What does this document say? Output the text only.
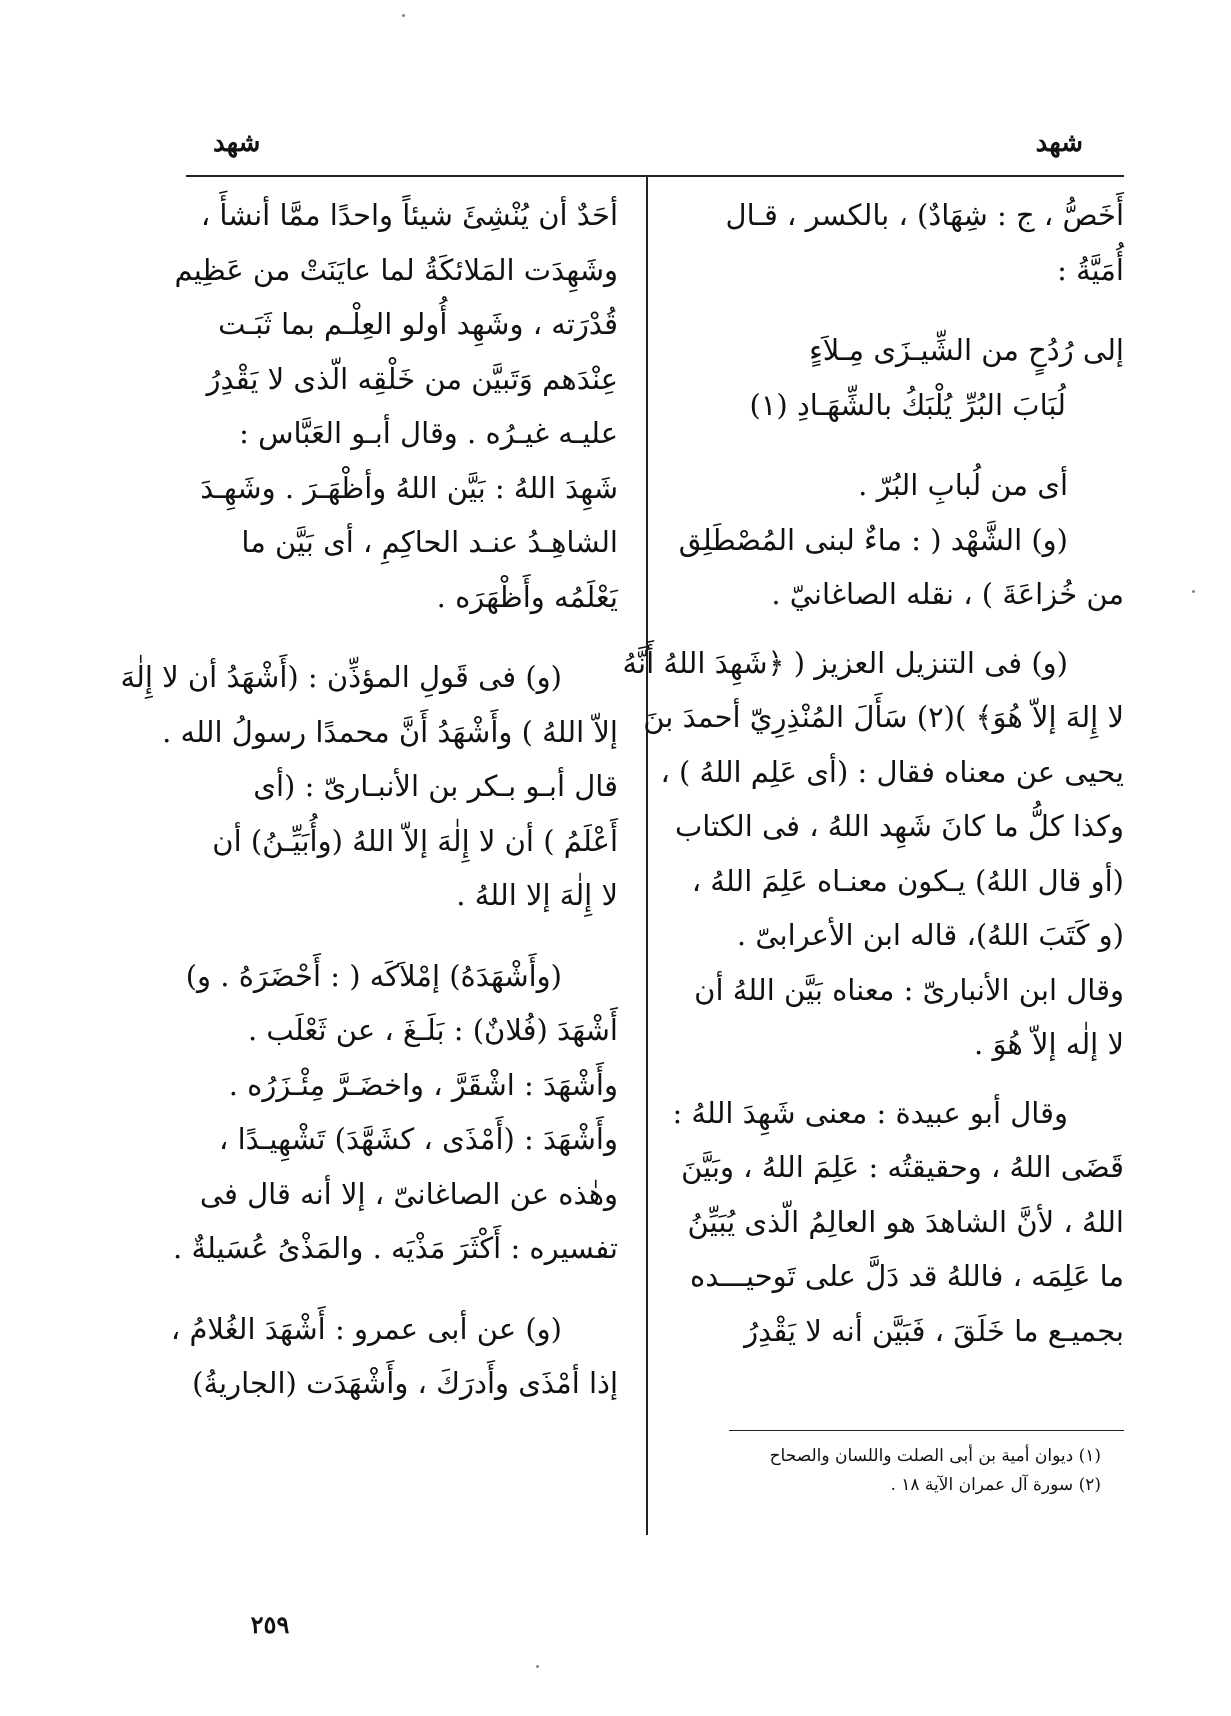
شهد
شهد
أَخَصُّ ، ج : شِهَادٌ) ، بالكسر ، قـال
أُمَيَّةُ :
إلى رُدُحٍ من الشِّيـزَى مِـلاَءٍ
لُبَابَ البُرِّ يُلْبَكُ بالشِّهَـادِ (١)
أى من لُبابِ البُرّ .
(و) الشَّهْد ( : ماءٌ لبنى المُصْطَلِق
من خُزاعَةَ ) ، نقله الصاغانيّ .
(و) فى التنزيل العزيز ( ﴿شَهِدَ اللهُ أَنَّهُ
لا إِلهَ إلاّ هُوَ﴾ )(٢) سَأَلَ المُنْذِرِيّ أحمدَ بنَ
يحيى عن معناه فقال : (أى عَلِم اللهُ ) ،
وكذا كلُّ ما كانَ شَهِد اللهُ ، فى الكتاب
(أو قال اللهُ) يـكون معنـاه عَلِمَ اللهُ ،
(و كَتَبَ اللهُ)، قاله ابن الأعرابىّ .
وقال ابن الأنبارىّ : معناه بَيَّن اللهُ أن
لا إلٰه إلاّ هُوَ .
وقال أبو عبيدة : معنى شَهِدَ اللهُ :
قَضَى اللهُ ، وحقيقتُه : عَلِمَ اللهُ ، وبَيَّنَ
اللهُ ، لأنَّ الشاهدَ هو العالِمُ الّذى يُبَيِّنُ
ما عَلِمَه ، فاللهُ قد دَلَّ على تَوحيـــده
بجميـع ما خَلَقَ ، فَبَيَّن أنه لا يَقْدِرُ
أحَدٌ أن يُنْشِئَ شيئاً واحدًا ممَّا أنشأَ ،
وشَهِدَت المَلائكَةُ لما عايَنَتْ من عَظِيم
قُدْرَته ، وشَهِد أُولو العِلْـم بما ثَبَـت
عِنْدَهم وَتَبيَّن من خَلْقِه الّذى لا يَقْدِرُ
عليـه غيـرُه . وقال أبـو العَبَّاس :
شَهِدَ اللهُ : بَيَّن اللهُ وأظْهَـرَ . وشَهِـدَ
الشاهِـدُ عنـد الحاكِمِ ، أى بَيَّن ما
يَعْلَمُه وأَظْهَرَه .
(و) فى قَولِ المؤذِّن : (أَشْهَدُ أن لا إِلٰهَ
إلاّ اللهُ ) وأَشْهَدُ أَنَّ محمدًا رسولُ الله .
قال أبـو بـكر بن الأنبـارىّ : (أى
أَعْلَمُ ) أن لا إِلٰهَ إلاّ اللهُ (وأُبَيِّـنُ) أن
لا إِلٰهَ إلا اللهُ .
(وأَشْهَدَهُ) إمْلاَكَه ( : أَحْضَرَهُ . و)
أَشْهَدَ (فُلانٌ) : بَلَـغَ ، عن ثَعْلَب .
وأَشْهَدَ : اشْقَرَّ ، واخضَـرَّ مِئْـزَرُه .
وأَشْهَدَ : (أَمْذَى ، كشَهَّدَ) تَشْهِيـدًا ،
وهٰذه عن الصاغانىّ ، إلا أنه قال فى
تفسيره : أَكْثَرَ مَذْيَه . والمَذْىُ عُسَيلةٌ .
(و) عن أبى عمرو : أَشْهَدَ الغُلامُ ،
إذا أمْذَى وأَدرَكَ ، وأَشْهَدَت (الجاريةُ)
(١) ديوان أمية بن أبى الصلت واللسان والصحاح
(٢) سورة آل عمران الآية ١٨ .
٢٥٩
